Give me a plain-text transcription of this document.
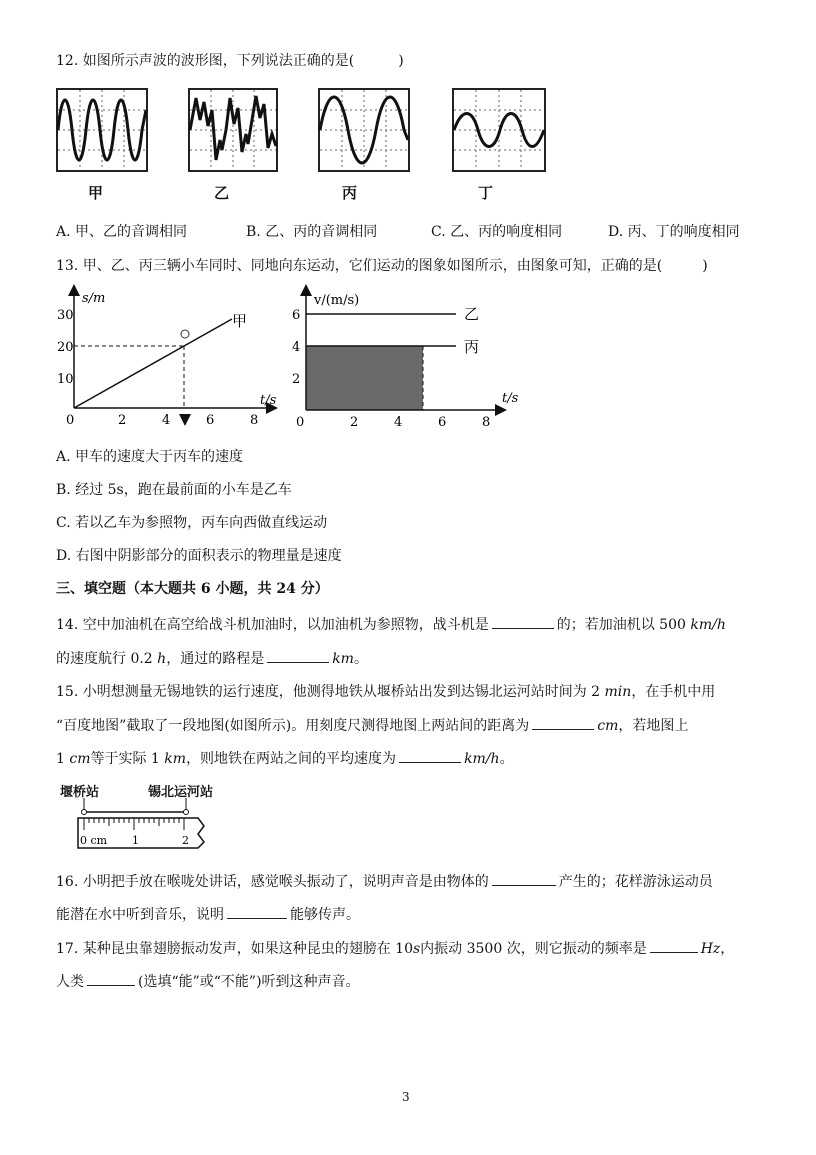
12. 如图所示声波的波形图，下列说法正确的是(	)
甲	乙	丙	丁
A. 甲、乙的音调相同	B. 乙、丙的音调相同	C. 乙、丙的响度相同	D. 丙、丁的响度相同
13. 甲、乙、丙三辆小车同时、同地向东运动，它们运动的图象如图所示，由图象可知，正确的是(	)
s/m
t/s
0	2	4	6	8
10
20
30	甲
v/(m/s)
t/s
0	2	4	6	8
2
4
6	乙
丙
A. 甲车的速度大于丙车的速度
B. 经过 5s，跑在最前面的小车是乙车
C. 若以乙车为参照物，丙车向西做直线运动
D. 右图中阴影部分的面积表示的物理量是速度
三、填空题（本大题共 6 小题，共 24 分）
14. 空中加油机在高空给战斗机加油时，以加油机为参照物，战斗机是	的；若加油机以 500 km/h
的速度航行 0.2 h，通过的路程是	km。
15. 小明想测量无锡地铁的运行速度，他测得地铁从堰桥站出发到达锡北运河站时间为 2 min，在手机中用
“百度地图”截取了一段地图(如图所示)。用刻度尺测得地图上两站间的距离为	cm，若地图上
1 cm等于实际 1 km，则地铁在两站之间的平均速度为	km/h。
堰桥站	锡北运河站
0 cm 1	2
16. 小明把手放在喉咙处讲话，感觉喉头振动了，说明声音是由物体的	产生的；花样游泳运动员
能潜在水中听到音乐，说明	能够传声。
17. 某种昆虫靠翅膀振动发声，如果这种昆虫的翅膀在 10s内振动 3500 次，则它振动的频率是	Hz，
人类	(选填“能”或“不能”)听到这种声音。
3
